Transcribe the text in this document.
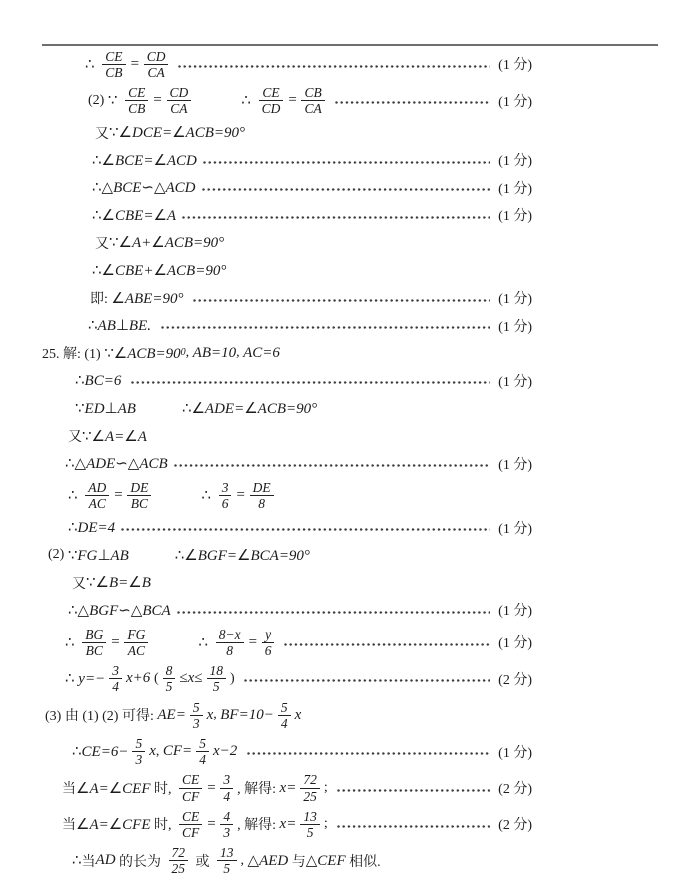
∴ $\frac{CE}{CB} = \frac{CD}{CA}$	(1 分)
(2) ∵ $\frac{CE}{CB} = \frac{CD}{CA}$	∴ $\frac{CE}{CD} = \frac{CB}{CA}$	(1 分)
又 ∵∠DCE=∠ACB=90°
∴∠BCE=∠ACD	(1 分)
∴△BCE∽△ACD	(1 分)
∴∠CBE=∠A	(1 分)
又 ∵∠A+∠ACB=90°
∴∠CBE+∠ACB=90°
即: ∠ABE=90°	(1 分)
∴AB⊥BE.	(1 分)
25. 解: (1) ∵∠ACB=90 0 , AB=10 , AC=6
∴BC=6	(1 分)
∵ED⊥AB	∴∠ADE=∠ACB=90°
又 ∵∠A=∠A
∴△ADE∽△ACB	(1 分)
∴ $\frac{AD}{AC} = \frac{DE}{BC}$	∴ $\frac{3}{6} = \frac{DE}{8}$
∴DE=4	(1 分)
(2) ∵FG⊥AB	∴∠BGF=∠BCA=90°
又 ∵∠B=∠B
∴△BGF∽△BCA	(1 分)
∴ $\frac{BG}{BC} = \frac{FG}{AC}$	∴ $\frac{8-x}{8} = \frac{y}{6}$	(1 分)
∴ $y=- \frac{3}{4} x+6$ ( $\frac{8}{5} \le x\le \frac{18}{5}$ )	(2 分)
(3) 由 (1) (2) 可得: $AE= \frac{5}{3}$ x , $BF=10- \frac{5}{4}$ x
∴CE=6− $\frac{5}{3}$ x , $CF= \frac{5}{4} x-2$	(1 分)
当 ∠A=∠CEF 时, $\frac{CE}{CF} = \frac{3}{4}$ , 解得: $x= \frac{72}{25}$ ;	(2 分)
当 ∠A=∠CFE 时, $\frac{CE}{CF} = \frac{4}{3}$ , 解得: $x= \frac{13}{5}$ ;	(2 分)
∴ 当 AD 的长为 $\frac{72}{25}$ 或 $\frac{13}{5}$ , △AED 与 △CEF 相似.
